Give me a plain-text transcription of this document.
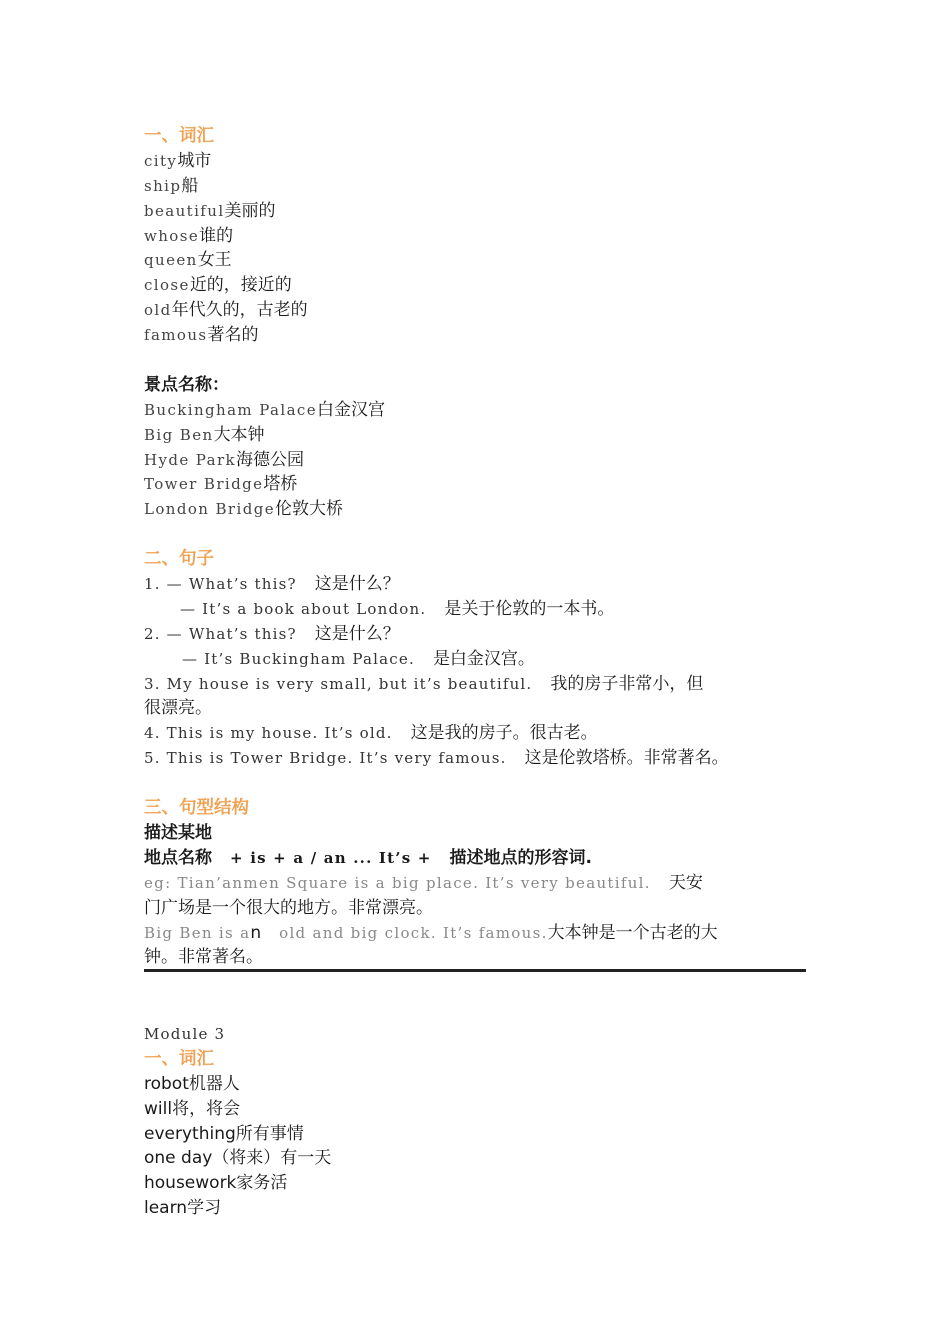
一、词汇
city城市
ship船
beautiful美丽的
whose谁的
queen女王
close近的，接近的
old年代久的，古老的
famous著名的
景点名称：
Buckingham Palace白金汉宫
Big Ben大本钟
Hyde Park海德公园
Tower Bridge塔桥
London Bridge伦敦大桥
二、句子
1. — What’s this? 这是什么？
— It’s a book about London. 是关于伦敦的一本书。
2. — What’s this? 这是什么？
— It’s Buckingham Palace. 是白金汉宫。
3. My house is very small, but it’s beautiful. 我的房子非常小，但
很漂亮。
4. This is my house. It’s old. 这是我的房子。很古老。
5. This is Tower Bridge. It’s very famous. 这是伦敦塔桥。非常著名。
三、句型结构
描述某地
地点名称 + is + a / an ... It’s + 描述地点的形容词.
eg: Tian’anmen Square is a big place. It’s very beautiful. 天安
门广场是一个很大的地方。非常漂亮。
Big Ben is an old and big clock. It’s famous.大本钟是一个古老的大
钟。非常著名。
Module 3
一、词汇
robot机器人
will将，将会
everything所有事情
one day（将来）有一天
housework家务活
learn学习
